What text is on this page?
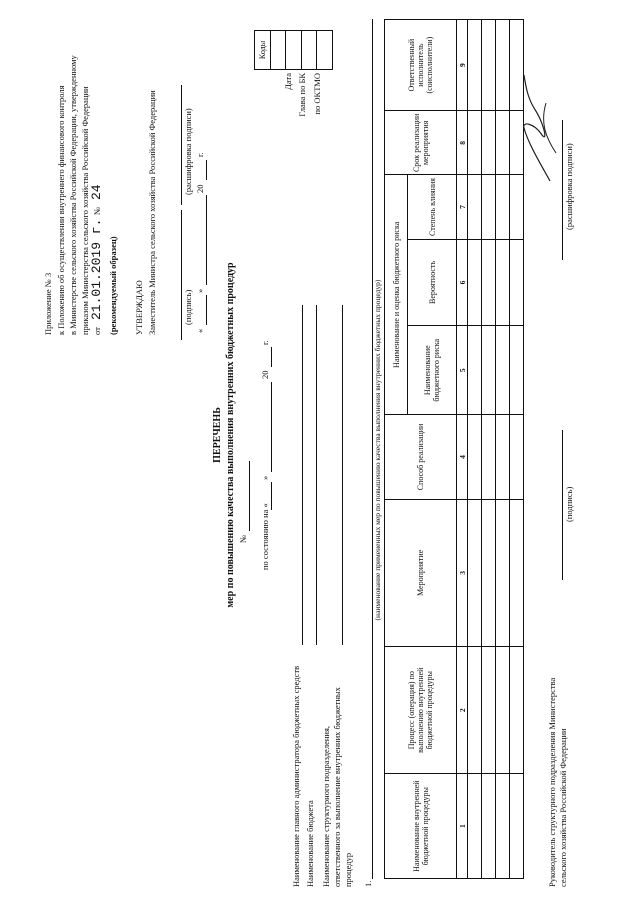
Приложение № 3 к Положению об осуществлении внутреннего финансового контроля в Министерстве сельского хозяйства Российской Федерации, утвержденному приказом Министерства сельского хозяйства Российской Федерации от
21.01.2019 г.
№
24
(рекомендуемый образец) УТВЕРЖДАЮ Заместитель Министра сельского хозяйства Российской Федерации	(подпись)
(расшифровка подписи)
«
»
20
г.
ПЕРЕЧЕНЬ мер по повышению качества выполнения внутренних бюджетных процедур № по состоянию на «
»
20
г.
Коды

Дата Глава по БК по ОКТМО
Наименование главного администратора бюджетных средств Наименование бюджета Наименование структурного подразделения, ответственного за выполнение внутренних бюджетных процедур 1.
(наименование примененных мер по повышению качества выполнения внутренних бюджетных процедур)
Наименование внутренней бюджетной процедуры	Процесс (операция) по выполнению внутренней бюджетной процедуры	Мероприятие	Способ реализации	Наименование и оценка бюджетного риска			Срок реализации мероприятия	Ответственный исполнитель (соисполнители)
				Наименование бюджетного риска	Вероятность	Степень влияния		
1	2	3	4	5	6	7	8	9

Руководитель структурного подразделения Министерства сельского хозяйства Российской Федерации
(подпись)
(расшифровка подписи)
